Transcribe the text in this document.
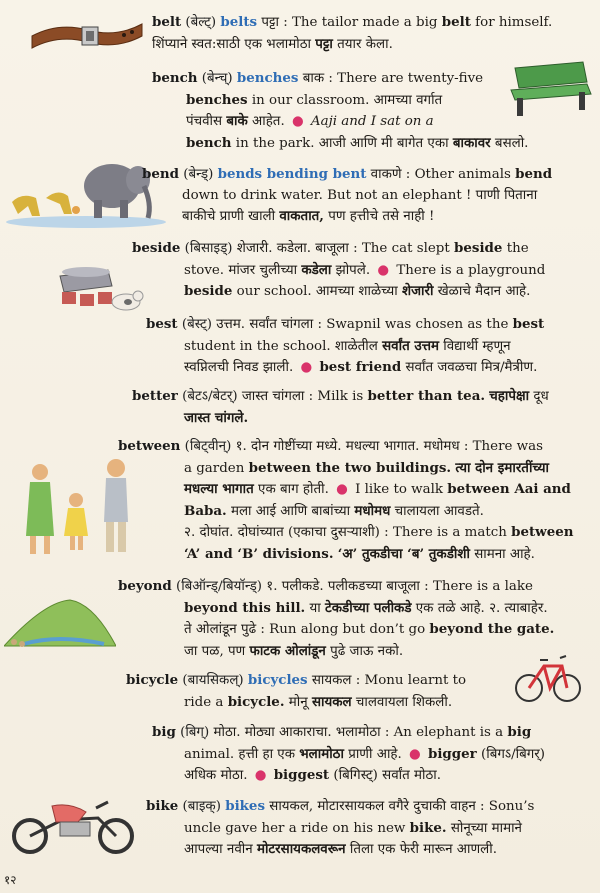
belt (बेल्ट्) belts पट्टा : The tailor made a big belt for himself.
शिंप्याने स्वत:साठी एक भलामोठा पट्टा तयार केला.
bench (बेन्च्) benches बाक : There are twenty-five
benches in our classroom. आमच्या वर्गात
पंचवीस बाके आहेत. ● Aaji and I sat on a
bench in the park. आजी आणि मी बागेत एका बाकावर बसलो.
bend (बेन्ड्) bends bending bent वाकणे : Other animals bend
down to drink water. But not an elephant ! पाणी पिताना
बाकीचे प्राणी खाली वाकतात, पण हत्तीचे तसे नाही !
beside (बिसाइड्) शेजारी. कडेला. बाजूला : The cat slept beside the
stove. मांजर चुलीच्या कडेला झोपले. ● There is a playground
beside our school. आमच्या शाळेच्या शेजारी खेळाचे मैदान आहे.
best (बेस्ट्) उत्तम. सर्वांत चांगला : Swapnil was chosen as the best
student in the school. शाळेतील सर्वांत उत्तम विद्यार्थी म्हणून
स्वप्निलची निवड झाली. ● best friend सर्वांत जवळचा मित्र/मैत्रीण.
better (बेटऽ/बेटर्) जास्त चांगला : Milk is better than tea. चहापेक्षा दूध
जास्त चांगले.
between (बिट्वीन्) १. दोन गोष्टींच्या मध्ये. मधल्या भागात. मधोमध : There was
a garden between the two buildings. त्या दोन इमारतींच्या
मधल्या भागात एक बाग होती. ● I like to walk between Aai and
Baba. मला आई आणि बाबांच्या मधोमध चालायला आवडते.
२. दोघांत. दोघांच्यात (एकाचा दुसऱ्याशी) : There is a match between
‘A’ and ‘B’ divisions. ‘अ’ तुकडीचा ‘ब’ तुकडीशी सामना आहे.
beyond (बिऑन्ड्/बियॉन्ड्) १. पलीकडे. पलीकडच्या बाजूला : There is a lake
beyond this hill. या टेकडीच्या पलीकडे एक तळे आहे. २. त्याबाहेर.
ते ओलांडून पुढे : Run along but don’t go beyond the gate.
जा पळ, पण फाटक ओलांडून पुढे जाऊ नको.
bicycle (बायसिकल्) bicycles सायकल : Monu learnt to
ride a bicycle. मोनू सायकल चालवायला शिकली.
big (बिग्) मोठा. मोठ्या आकाराचा. भलामोठा : An elephant is a big
animal. हत्ती हा एक भलामोठा प्राणी आहे. ● bigger (बिगऽ/बिगर्)
अधिक मोठा. ● biggest (बिगिस्ट्) सर्वांत मोठा.
bike (बाइक्) bikes सायकल, मोटारसायकल वगैरे दुचाकी वाहन : Sonu’s
uncle gave her a ride on his new bike. सोनूच्या मामाने
आपल्या नवीन मोटरसायकलवरून तिला एक फेरी मारून आणली.
१२
